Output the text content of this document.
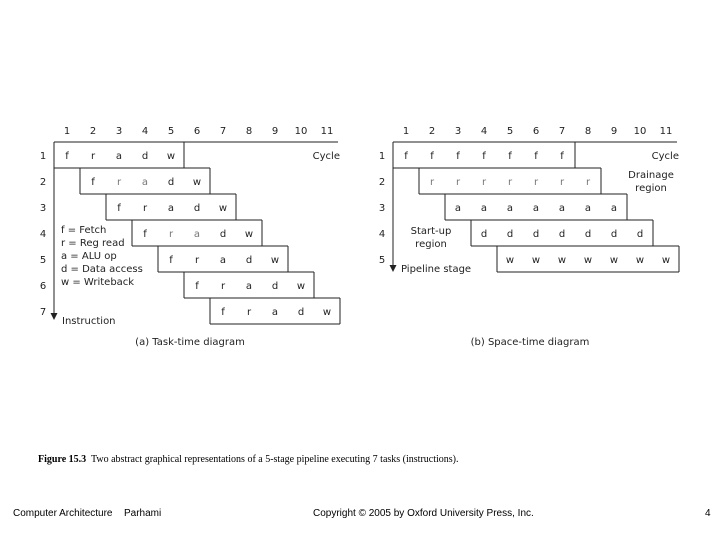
1 2 3 4 5 6 7 8 9 10 11
1
2
3
4
5
6
7
Cycle
Instruction
f r a d w
f r a d w
f r a d w
f r a d w
f r a d w
f r a d w
f r a d w
f = Fetch
r = Reg read
a = ALU op
d = Data access
w = Writeback
(a) Task-time diagram
1 2 3 4 5 6 7 8 9 10 11
1
2
3
4
5
Cycle
Pipeline stage
Drainage
region
Start-up
region
f f f f f f f
r r r r r r r
a a a a a a a
d d d d d d d
w w w w w w w
(b) Space-time diagram
Figure 15.3 Two abstract graphical representations of a 5-stage pipeline executing 7 tasks (instructions).
Computer Architecture Parhami	Copyright © 2005 by Oxford University Press, Inc.	4
